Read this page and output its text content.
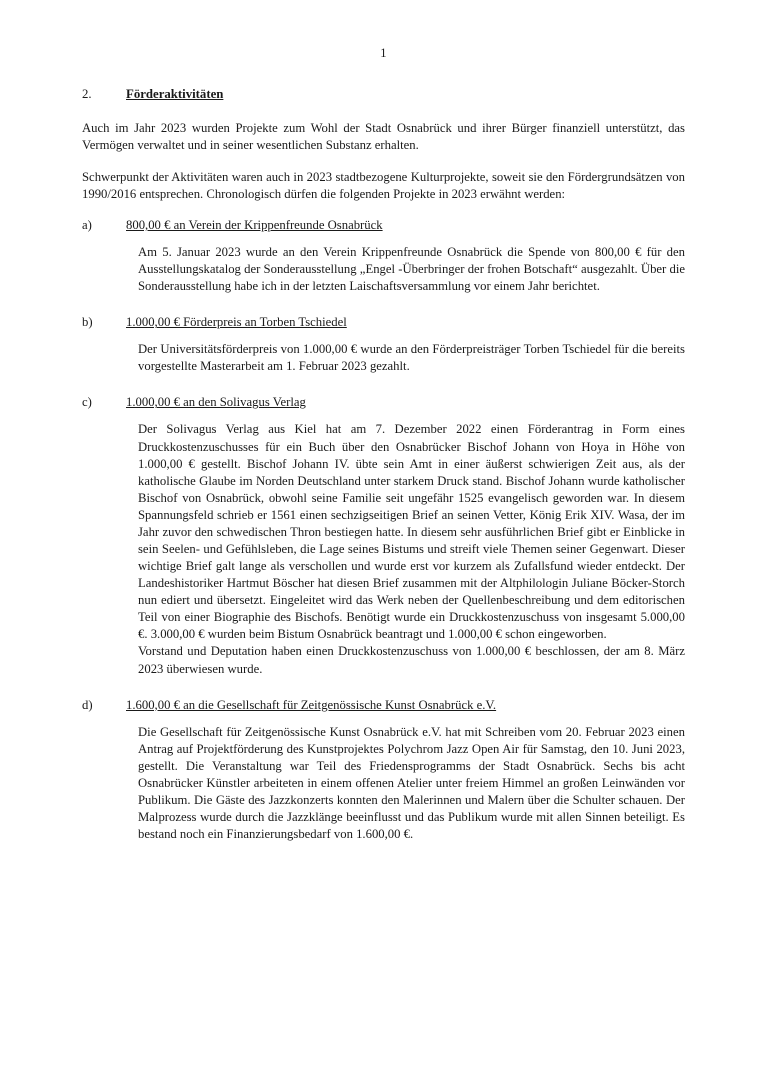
1
2.	Förderaktivitäten

Auch im Jahr 2023 wurden Projekte zum Wohl der Stadt Osnabrück und ihrer Bürger finanziell unterstützt, das Vermögen verwaltet und in seiner wesentlichen Substanz erhalten.

Schwerpunkt der Aktivitäten waren auch in 2023 stadtbezogene Kulturprojekte, soweit sie den Fördergrundsätzen von 1990/2016 entsprechen. Chronologisch dürfen die folgenden Projekte in 2023 erwähnt werden:

a)	800,00 € an Verein der Krippenfreunde Osnabrück

Am 5. Januar 2023 wurde an den Verein Krippenfreunde Osnabrück die Spende von 800,00 € für den Ausstellungskatalog der Sonderausstellung „Engel -Überbringer der frohen Botschaft“ ausgezahlt. Über die Sonderausstellung habe ich in der letzten Laischaftsversammlung vor einem Jahr berichtet.

b)	1.000,00 € Förderpreis an Torben Tschiedel

Der Universitätsförderpreis von 1.000,00 € wurde an den Förderpreisträger Torben Tschiedel für die bereits vorgestellte Masterarbeit am 1. Februar 2023 gezahlt.

c)	1.000,00 € an den Solivagus Verlag

Der Solivagus Verlag aus Kiel hat am 7. Dezember 2022 einen Förderantrag in Form eines Druckkostenzuschusses für ein Buch über den Osnabrücker Bischof Johann von Hoya in Höhe von 1.000,00 € gestellt. Bischof Johann IV. übte sein Amt in einer äußerst schwierigen Zeit aus, als der katholische Glaube im Norden Deutschland unter starkem Druck stand. Bischof Johann wurde katholischer Bischof von Osnabrück, obwohl seine Familie seit ungefähr 1525 evangelisch geworden war. In diesem Spannungsfeld schrieb er 1561 einen sechzigseitigen Brief an seinen Vetter, König Erik XIV. Wasa, der im Jahr zuvor den schwedischen Thron bestiegen hatte. In diesem sehr ausführlichen Brief gibt er Einblicke in sein Seelen- und Gefühlsleben, die Lage seines Bistums und streift viele Themen seiner Gegenwart. Dieser wichtige Brief galt lange als verschollen und wurde erst vor kurzem als Zufallsfund wieder entdeckt. Der Landeshistoriker Hartmut Böscher hat diesen Brief zusammen mit der Altphilologin Juliane Böcker-Storch nun ediert und übersetzt. Eingeleitet wird das Werk neben der Quellenbeschreibung und dem editorischen Teil von einer Biographie des Bischofs. Benötigt wurde ein Druckkostenzuschuss von insgesamt 5.000,00 €. 3.000,00 € wurden beim Bistum Osnabrück beantragt und 1.000,00 € schon eingeworben.

Vorstand und Deputation haben einen Druckkostenzuschuss von 1.000,00 € beschlossen, der am 8. März 2023 überwiesen wurde.

d)	1.600,00 € an die Gesellschaft für Zeitgenössische Kunst Osnabrück e.V.

Die Gesellschaft für Zeitgenössische Kunst Osnabrück e.V. hat mit Schreiben vom 20. Februar 2023 einen Antrag auf Projektförderung des Kunstprojektes Polychrom Jazz Open Air für Samstag, den 10. Juni 2023, gestellt. Die Veranstaltung war Teil des Friedensprogramms der Stadt Osnabrück. Sechs bis acht Osnabrücker Künstler arbeiteten in einem offenen Atelier unter freiem Himmel an großen Leinwänden vor Publikum. Die Gäste des Jazzkonzerts konnten den Malerinnen und Malern über die Schulter schauen. Der Malprozess wurde durch die Jazzklänge beeinflusst und das Publikum wurde mit allen Sinnen beteiligt. Es bestand noch ein Finanzierungsbedarf von 1.600,00 €.
